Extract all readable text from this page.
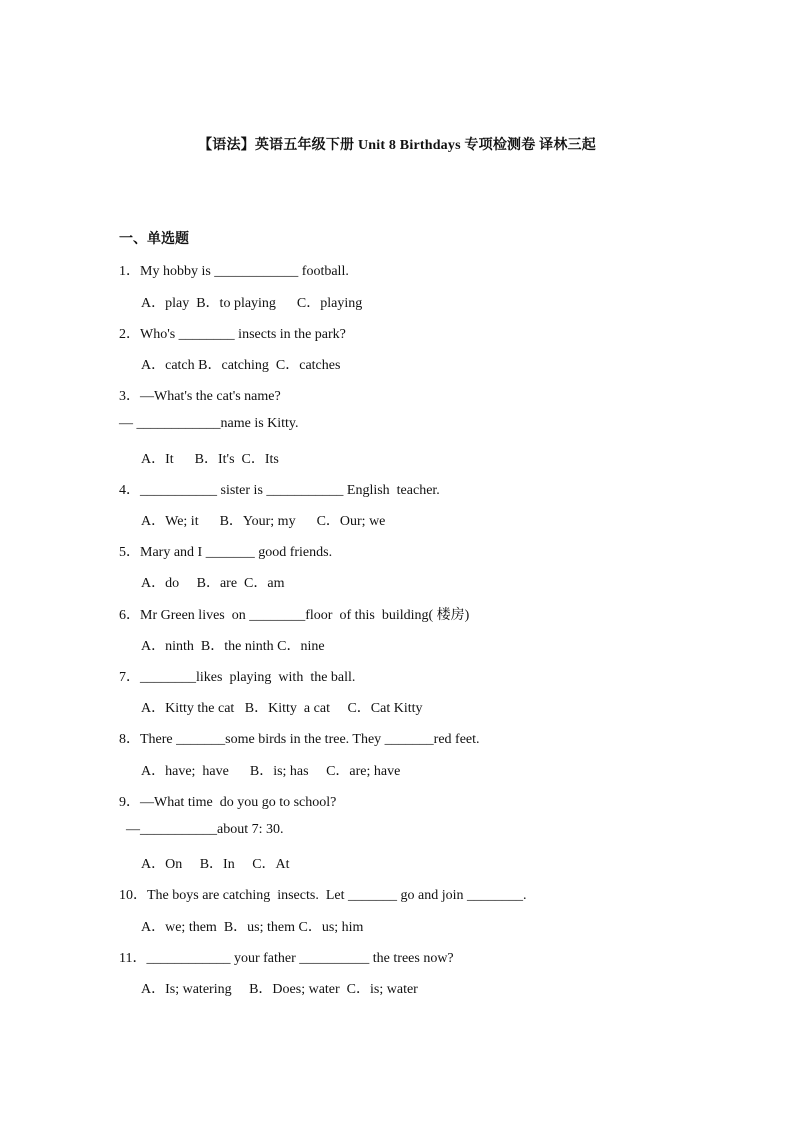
【语法】英语五年级下册 Unit 8 Birthdays 专项检测卷 译林三起
一、单选题
1．My hobby is ____________ football.
A．play  B．to playing      C．playing
2．Who's ________ insects in the park?
A．catch B．catching  C．catches
3．—What's the cat's name?
— ____________name is Kitty.
A．It      B．It's  C．Its
4．___________ sister is ___________ English  teacher.
A．We; it      B．Your; my      C．Our; we
5．Mary and I _______ good friends.
A．do     B．are  C．am
6．Mr Green lives  on ________floor  of this  building( 楼房)
A．ninth  B．the ninth C．nine
7．________likes  playing  with  the ball.
A．Kitty the cat   B．Kitty  a cat     C．Cat Kitty
8．There _______some birds in the tree. They _______red feet.
A．have;  have      B．is; has     C．are; have
9．—What time  do you go to school?
—___________about 7: 30.
A．On     B．In     C．At
10．The boys are catching  insects.  Let _______ go and join ________.
A．we; them  B．us; them C．us; him
11．____________ your father __________ the trees now?
A．Is; watering     B．Does; water  C．is; water
